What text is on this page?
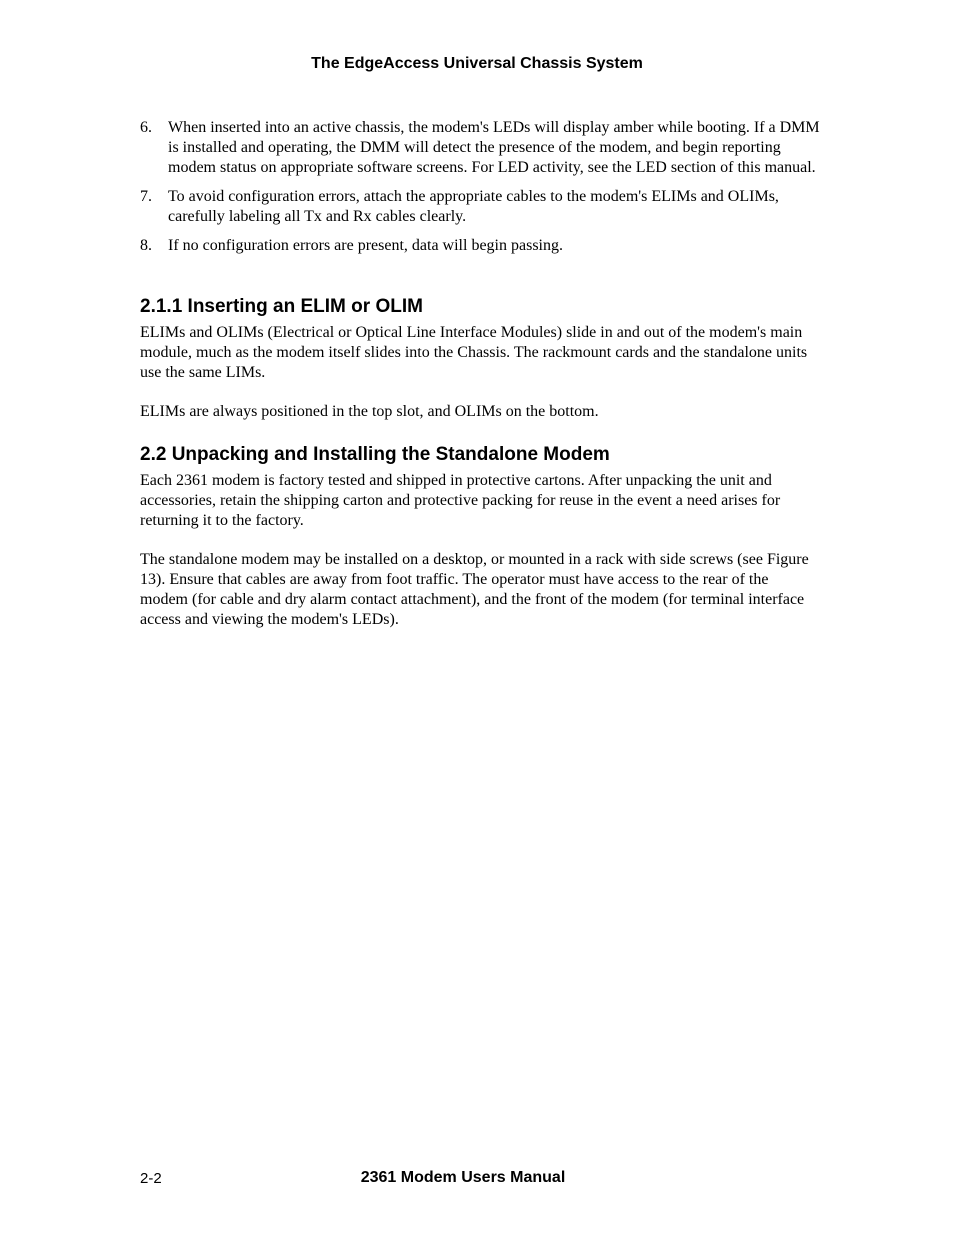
The EdgeAccess Universal Chassis System
6.	When inserted into an active chassis, the modem's LEDs will display amber while booting. If a DMM is installed and operating, the DMM will detect the presence of the modem, and begin reporting modem status on appropriate software screens. For LED activity, see the LED section of this manual.
7.	To avoid configuration errors, attach the appropriate cables to the modem's ELIMs and OLIMs, carefully labeling all Tx and Rx cables clearly.
8.	If no configuration errors are present, data will begin passing.
2.1.1 Inserting an ELIM or OLIM

ELIMs and OLIMs (Electrical or Optical Line Interface Modules) slide in and out of the modem's main module, much as the modem itself slides into the Chassis. The rackmount cards and the standalone units use the same LIMs.

ELIMs are always positioned in the top slot, and OLIMs on the bottom.

2.2 Unpacking and Installing the Standalone Modem

Each 2361 modem is factory tested and shipped in protective cartons. After unpacking the unit and accessories, retain the shipping carton and protective packing for reuse in the event a need arises for returning it to the factory.

The standalone modem may be installed on a desktop, or mounted in a rack with side screws (see Figure 13). Ensure that cables are away from foot traffic. The operator must have access to the rear of the modem (for cable and dry alarm contact attachment), and the front of the modem (for terminal interface access and viewing the modem's LEDs).

2-2	2361 Modem Users Manual
